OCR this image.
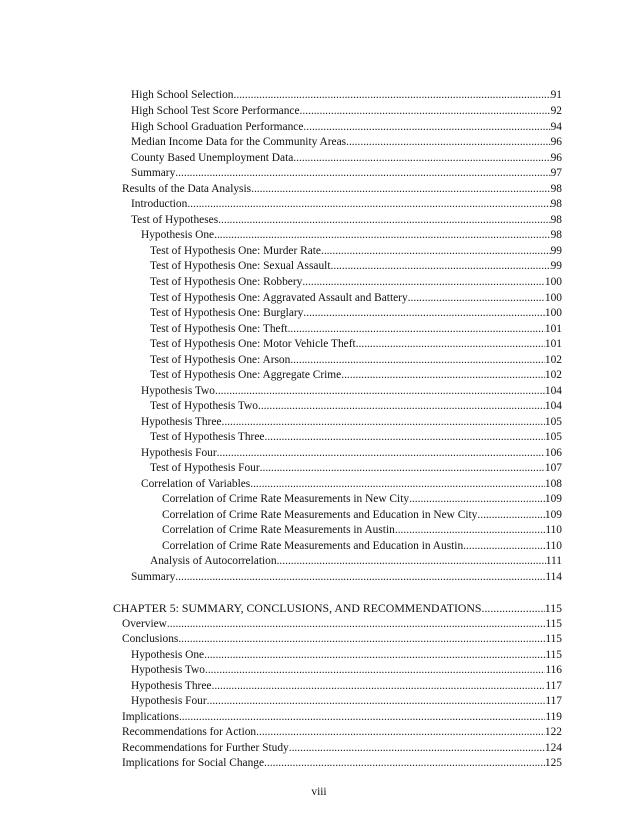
High School Selection .....	91
High School Test Score Performance .....	92
High School Graduation Performance .....	94
Median Income Data for the Community Areas .....	96
County Based Unemployment Data .....	96
Summary .....	97
Results of the Data Analysis .....	98
Introduction .....	98
Test of Hypotheses .....	98
Hypothesis One .....	98
Test of Hypothesis One: Murder Rate .....	99
Test of Hypothesis One: Sexual Assault .....	99
Test of Hypothesis One: Robbery .....	100
Test of Hypothesis One: Aggravated Assault and Battery .....	100
Test of Hypothesis One: Burglary .....	100
Test of Hypothesis One: Theft .....	101
Test of Hypothesis One: Motor Vehicle Theft .....	101
Test of Hypothesis One: Arson .....	102
Test of Hypothesis One: Aggregate Crime .....	102
Hypothesis Two .....	104
Test of Hypothesis Two .....	104
Hypothesis Three .....	105
Test of Hypothesis Three .....	105
Hypothesis Four .....	106
Test of Hypothesis Four .....	107
Correlation of Variables .....	108
Correlation of Crime Rate Measurements in New City .....	109
Correlation of Crime Rate Measurements and Education in New City .....	109
Correlation of Crime Rate Measurements in Austin .....	110
Correlation of Crime Rate Measurements and Education in Austin .....	110
Analysis of Autocorrelation .....	111
Summary .....	114
CHAPTER 5: SUMMARY, CONCLUSIONS, AND RECOMMENDATIONS .....	115
Overview .....	115
Conclusions .....	115
Hypothesis One .....	115
Hypothesis Two .....	116
Hypothesis Three .....	117
Hypothesis Four .....	117
Implications .....	119
Recommendations for Action .....	122
Recommendations for Further Study .....	124
Implications for Social Change .....	125
viii
